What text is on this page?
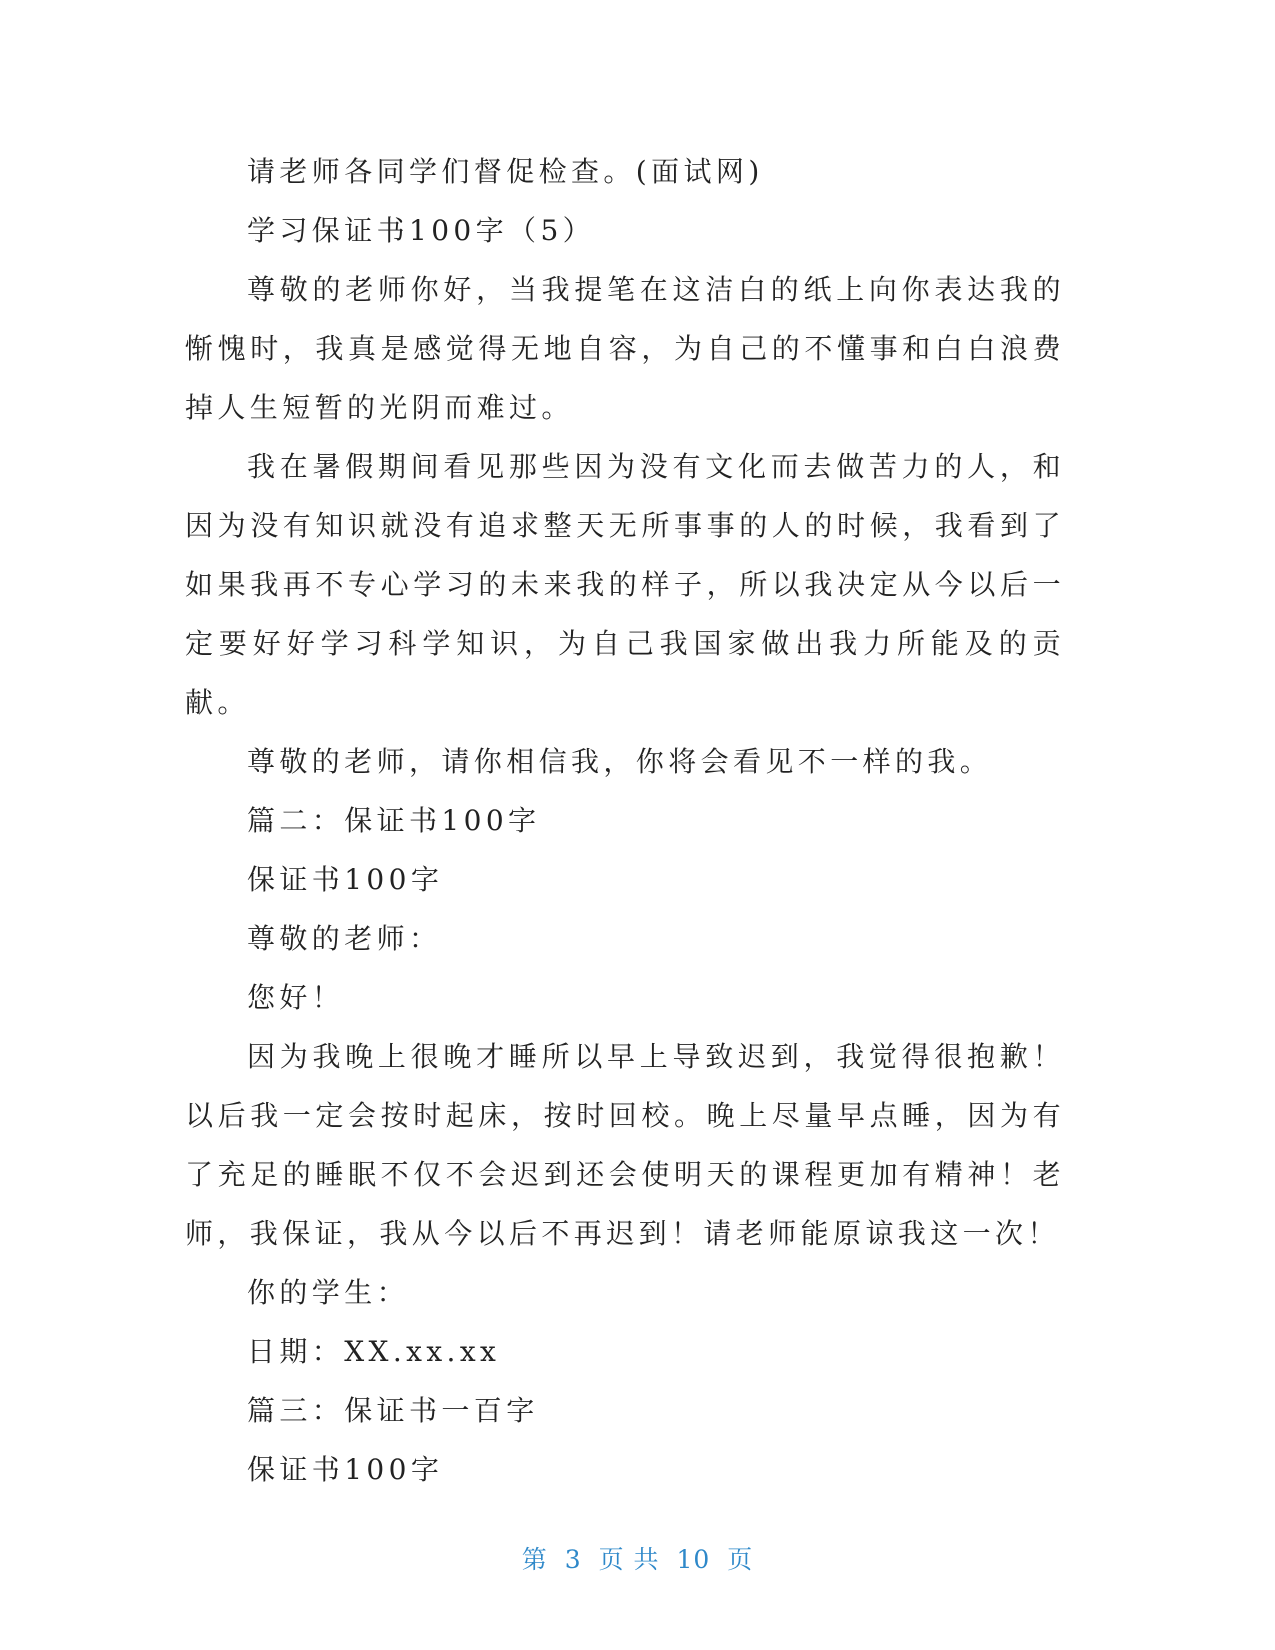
请老师各同学们督促检查。(面试网)

学习保证书100字（5）

尊敬的老师你好，当我提笔在这洁白的纸上向你表达我的惭愧时，我真是感觉得无地自容，为自己的不懂事和白白浪费掉人生短暂的光阴而难过。

我在暑假期间看见那些因为没有文化而去做苦力的人，和因为没有知识就没有追求整天无所事事的人的时候，我看到了如果我再不专心学习的未来我的样子，所以我决定从今以后一定要好好学习科学知识，为自己我国家做出我力所能及的贡献。

尊敬的老师，请你相信我，你将会看见不一样的我。

篇二：保证书100字

保证书100字

尊敬的老师：

您好！

因为我晚上很晚才睡所以早上导致迟到，我觉得很抱歉！以后我一定会按时起床，按时回校。晚上尽量早点睡，因为有了充足的睡眠不仅不会迟到还会使明天的课程更加有精神！老师，我保证，我从今以后不再迟到！请老师能原谅我这一次！

你的学生：

日期：XX.xx.xx

篇三：保证书一百字

保证书100字

第 3 页 共 10 页
